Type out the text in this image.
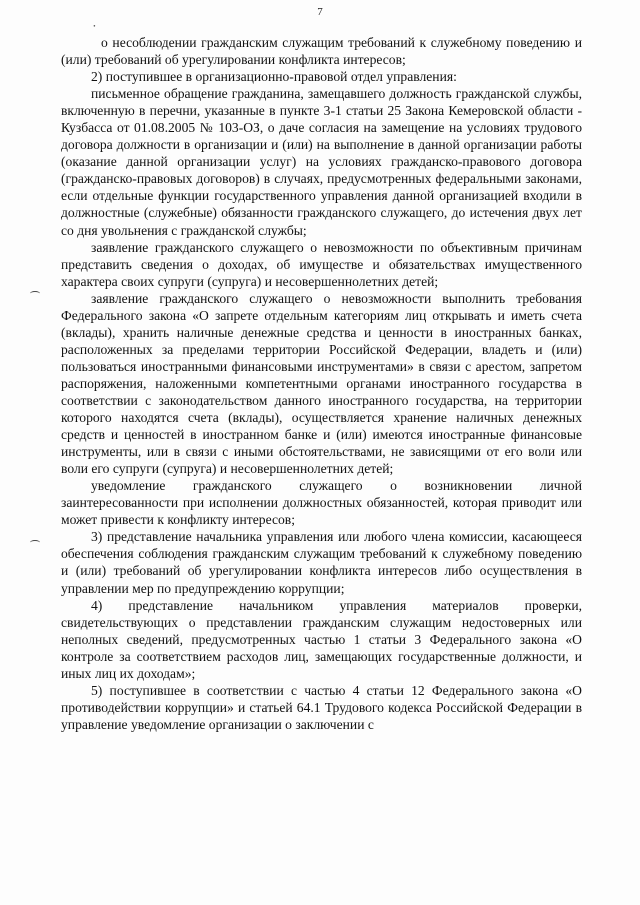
7
ꞏ

о несоблюдении гражданским служащим требований к служебному поведению и (или) требований об урегулировании конфликта интересов;

2) поступившее в организационно-правовой отдел управления:

письменное обращение гражданина, замещавшего должность гражданской службы, включенную в перечни, указанные в пункте 3-1 статьи 25 Закона Кемеровской области - Кузбасса от 01.08.2005 № 103-ОЗ, о даче согласия на замещение на условиях трудового договора должности в организации и (или) на выполнение в данной организации работы (оказание данной организации услуг) на условиях гражданско-правового договора (гражданско-правовых договоров) в случаях, предусмотренных федеральными законами, если отдельные функции государственного управления данной организацией входили в должностные (служебные) обязанности гражданского служащего, до истечения двух лет со дня увольнения с гражданской службы;

заявление гражданского служащего о невозможности по объективным причинам представить сведения о доходах, об имуществе и обязательствах имущественного характера своих супруги (супруга) и несовершеннолетних детей;

заявление гражданского служащего о невозможности выполнить требования Федерального закона «О запрете отдельным категориям лиц открывать и иметь счета (вклады), хранить наличные денежные средства и ценности в иностранных банках, расположенных за пределами территории Российской Федерации, владеть и (или) пользоваться иностранными финансовыми инструментами» в связи с арестом, запретом распоряжения, наложенными компетентными органами иностранного государства в соответствии с законодательством данного иностранного государства, на территории которого находятся счета (вклады), осуществляется хранение наличных денежных средств и ценностей в иностранном банке и (или) имеются иностранные финансовые инструменты, или в связи с иными обстоятельствами, не зависящими от его воли или воли его супруги (супруга) и несовершеннолетних детей;

уведомление гражданского служащего о возникновении личной заинтересованности при исполнении должностных обязанностей, которая приводит или может привести к конфликту интересов;

3) представление начальника управления или любого члена комиссии, касающееся обеспечения соблюдения гражданским служащим требований к служебному поведению и (или) требований об урегулировании конфликта интересов либо осуществления в управлении мер по предупреждению коррупции;

4) представление начальником управления материалов проверки, свидетельствующих о представлении гражданским служащим недостоверных или неполных сведений, предусмотренных частью 1 статьи 3 Федерального закона «О контроле за соответствием расходов лиц, замещающих государственные должности, и иных лиц их доходам»;

5) поступившее в соответствии с частью 4 статьи 12 Федерального закона «О противодействии коррупции» и статьей 64.1 Трудового кодекса Российской Федерации в управление уведомление организации о заключении с
